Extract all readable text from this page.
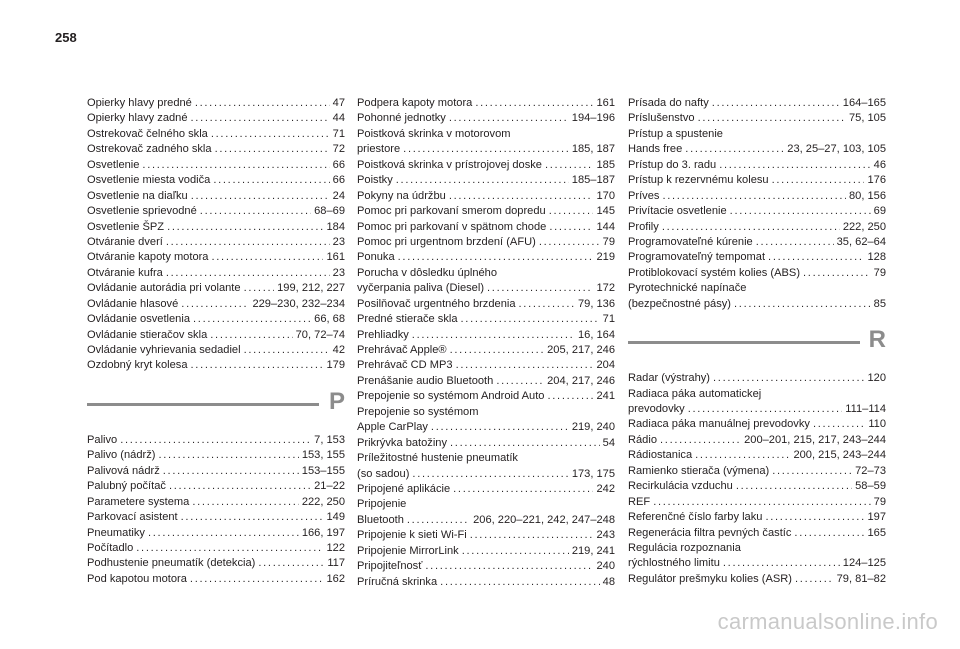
258
Opierky hlavy predné .....	47
Opierky hlavy zadné .....	44
Ostrekovač čelného skla .....	71
Ostrekovač zadného skla .....	72
Osvetlenie .....	66
Osvetlenie miesta vodiča .....	66
Osvetlenie na diaľku .....	24
Osvetlenie sprievodné .....	68–69
Osvetlenie ŠPZ .....	184
Otváranie dverí .....	23
Otváranie kapoty motora .....	161
Otváranie kufra .....	23
Ovládanie autorádia pri volante .....	199, 212, 227
Ovládanie hlasové .....	229–230, 232–234
Ovládanie osvetlenia .....	66, 68
Ovládanie stieračov skla .....	70, 72–74
Ovládanie vyhrievania sedadiel .....	42
Ozdobný kryt kolesa .....	179
P
Palivo .....	7, 153
Palivo (nádrž) .....	153, 155
Palivová nádrž .....	153–155
Palubný počítač .....	21–22
Parametere systema .....	222, 250
Parkovací asistent .....	149
Pneumatiky .....	166, 197
Počítadlo .....	122
Podhustenie pneumatík (detekcia) .....	117
Pod kapotou motora .....	162
Podpera kapoty motora .....	161
Pohonné jednotky .....	194–196
Poistková skrinka v motorovom
priestore .....	185, 187
Poistková skrinka v prístrojovej doske .....	185
Poistky .....	185–187
Pokyny na údržbu .....	170
Pomoc pri parkovaní smerom dopredu .....	145
Pomoc pri parkovaní v spätnom chode .....	144
Pomoc pri urgentnom brzdení (AFU) .....	79
Ponuka .....	219
Porucha v dôsledku úplného
vyčerpania paliva (Diesel) .....	172
Posilňovač urgentného brzdenia .....	79, 136
Predné stierače skla .....	71
Prehliadky .....	16, 164
Prehrávač Apple® .....	205, 217, 246
Prehrávač CD MP3 .....	204
Prenášanie audio Bluetooth .....	204, 217, 246
Prepojenie so systémom Android Auto .....	241
Prepojenie so systémom
Apple CarPlay .....	219, 240
Prikrývka batožiny .....	54
Príležitostné hustenie pneumatík
(so sadou) .....	173, 175
Pripojené aplikácie .....	242
Pripojenie
Bluetooth .....	206, 220–221, 242, 247–248
Pripojenie k sieti Wi-Fi .....	243
Pripojenie MirrorLink .....	219, 241
Pripojiteľnosť .....	240
Príručná skrinka .....	48
Prísada do nafty .....	164–165
Príslušenstvo .....	75, 105
Prístup a spustenie
Hands free .....	23, 25–27, 103, 105
Prístup do 3. radu .....	46
Prístup k rezervnému kolesu .....	176
Príves .....	80, 156
Privítacie osvetlenie .....	69
Profily .....	222, 250
Programovateľné kúrenie .....	35, 62–64
Programovateľný tempomat .....	128
Protiblokovací systém kolies (ABS) .....	79
Pyrotechnické napínače
(bezpečnostné pásy) .....	85
R
Radar (výstrahy) .....	120
Radiaca páka automatickej
prevodovky .....	111–114
Radiaca páka manuálnej prevodovky .....	110
Rádio .....	200–201, 215, 217, 243–244
Rádiostanica .....	200, 215, 243–244
Ramienko stierača (výmena) .....	72–73
Recirkulácia vzduchu .....	58–59
REF .....	79
Referenčné číslo farby laku .....	197
Regenerácia filtra pevných častíc .....	165
Regulácia rozpoznania
rýchlostného limitu .....	124–125
Regulátor prešmyku kolies (ASR) .....	79, 81–82
carmanualsonline.info
